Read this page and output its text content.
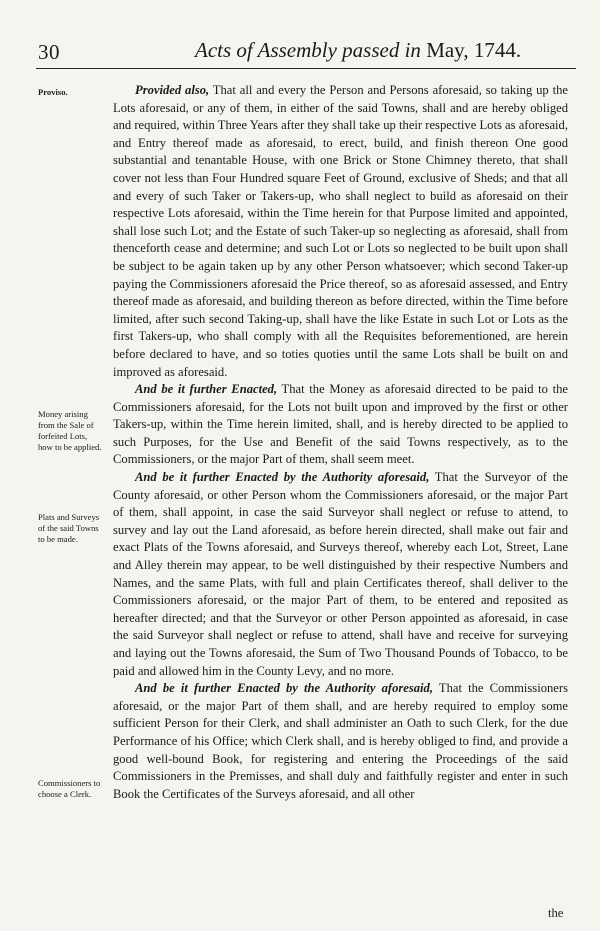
30	Acts of Assembly passed in May, 1744.
Proviso.
Money arising from the Sale of forfeited Lots, how to be applied.
Plats and Surveys of the said Towns to be made.
Commissioners to choose a Clerk.

Provided also, That all and every the Person and Persons aforesaid, so taking up the Lots aforesaid, or any of them, in either of the said Towns, shall and are hereby obliged and required, within Three Years after they shall take up their respective Lots as aforesaid, and Entry thereof made as aforesaid, to erect, build, and finish thereon One good substantial and tenantable House, with one Brick or Stone Chimney thereto, that shall cover not less than Four Hundred square Feet of Ground, exclusive of Sheds; and that all and every of such Taker or Takers-up, who shall neglect to build as aforesaid on their respective Lots aforesaid, within the Time herein for that Purpose limited and appointed, shall lose such Lot; and the Estate of such Taker-up so neglecting as aforesaid, shall from thenceforth cease and determine; and such Lot or Lots so neglected to be built upon shall be subject to be again taken up by any other Person whatsoever; which second Taker-up paying the Commissioners aforesaid the Price thereof, so as aforesaid assessed, and Entry thereof made as aforesaid, and building thereon as before directed, within the Time before limited, after such second Taking-up, shall have the like Estate in such Lot or Lots as the first Takers-up, who shall comply with all the Requisites beforementioned, are herein before declared to have, and so toties quoties until the same Lots shall be built on and improved as aforesaid.

And be it further Enacted, That the Money as aforesaid directed to be paid to the Commissioners aforesaid, for the Lots not built upon and improved by the first or other Takers-up, within the Time herein limited, shall, and is hereby directed to be applied to such Purposes, for the Use and Benefit of the said Towns respectively, as to the Commissioners, or the major Part of them, shall seem meet.

And be it further Enacted by the Authority aforesaid, That the Surveyor of the County aforesaid, or other Person whom the Commissioners aforesaid, or the major Part of them, shall appoint, in case the said Surveyor shall neglect or refuse to attend, to survey and lay out the Land aforesaid, as before herein directed, shall make out fair and exact Plats of the Towns aforesaid, and Surveys thereof, whereby each Lot, Street, Lane and Alley therein may appear, to be well distinguished by their respective Numbers and Names, and the same Plats, with full and plain Certificates thereof, shall deliver to the Commissioners aforesaid, or the major Part of them, to be entered and reposited as hereafter directed; and that the Surveyor or other Person appointed as aforesaid, in case the said Surveyor shall neglect or refuse to attend, shall have and receive for surveying and laying out the Towns aforesaid, the Sum of Two Thousand Pounds of Tobacco, to be paid and allowed him in the County Levy, and no more.

And be it further Enacted by the Authority aforesaid, That the Commissioners aforesaid, or the major Part of them shall, and are hereby required to employ some sufficient Person for their Clerk, and shall administer an Oath to such Clerk, for the due Performance of his Office; which Clerk shall, and is hereby obliged to find, and provide a good well-bound Book, for registering and entering the Proceedings of the said Commissioners in the Premisses, and shall duly and faithfully register and enter in such Book the Certificates of the Surveys aforesaid, and all other

the
